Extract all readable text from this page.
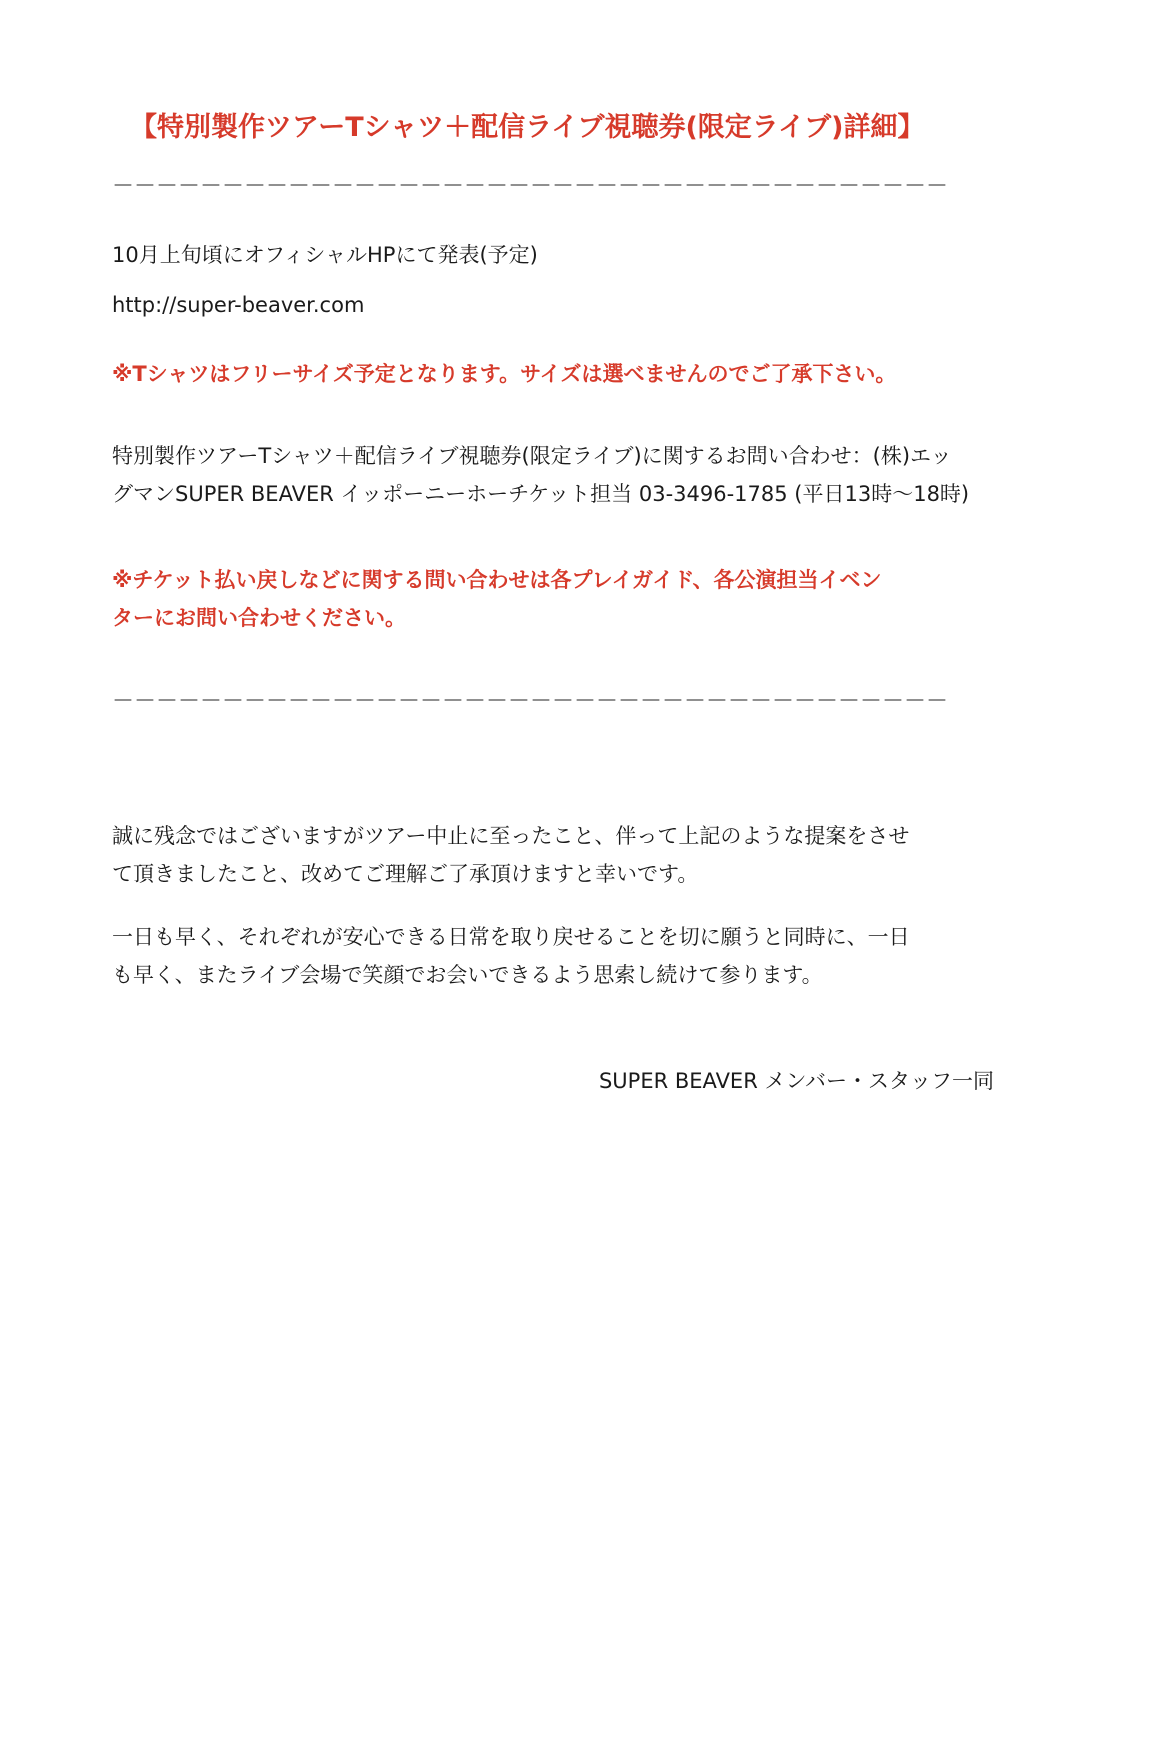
【特別製作ツアーTシャツ＋配信ライブ視聴券(限定ライブ)詳細】

－－－－－－－－－－－－－－－－－－－－－－－－－－－－－－－－－－－－－－

10月上旬頃にオフィシャルHPにて発表(予定)

http://super-beaver.com

※Tシャツはフリーサイズ予定となります。サイズは選べませんのでご了承下さい。

特別製作ツアーTシャツ＋配信ライブ視聴券(限定ライブ)に関するお問い合わせ：(株)エッ
グマンSUPER BEAVER イッポーニーホーチケット担当 03-3496-1785 (平日13時〜18時)
※チケット払い戻しなどに関する問い合わせは各プレイガイド、各公演担当イベン
ターにお問い合わせください。

－－－－－－－－－－－－－－－－－－－－－－－－－－－－－－－－－－－－－－

誠に残念ではございますがツアー中止に至ったこと、伴って上記のような提案をさせ
て頂きましたこと、改めてご理解ご了承頂けますと幸いです。
一日も早く、それぞれが安心できる日常を取り戻せることを切に願うと同時に、一日
も早く、またライブ会場で笑顔でお会いできるよう思索し続けて参ります。

SUPER BEAVER メンバー・スタッフ一同
